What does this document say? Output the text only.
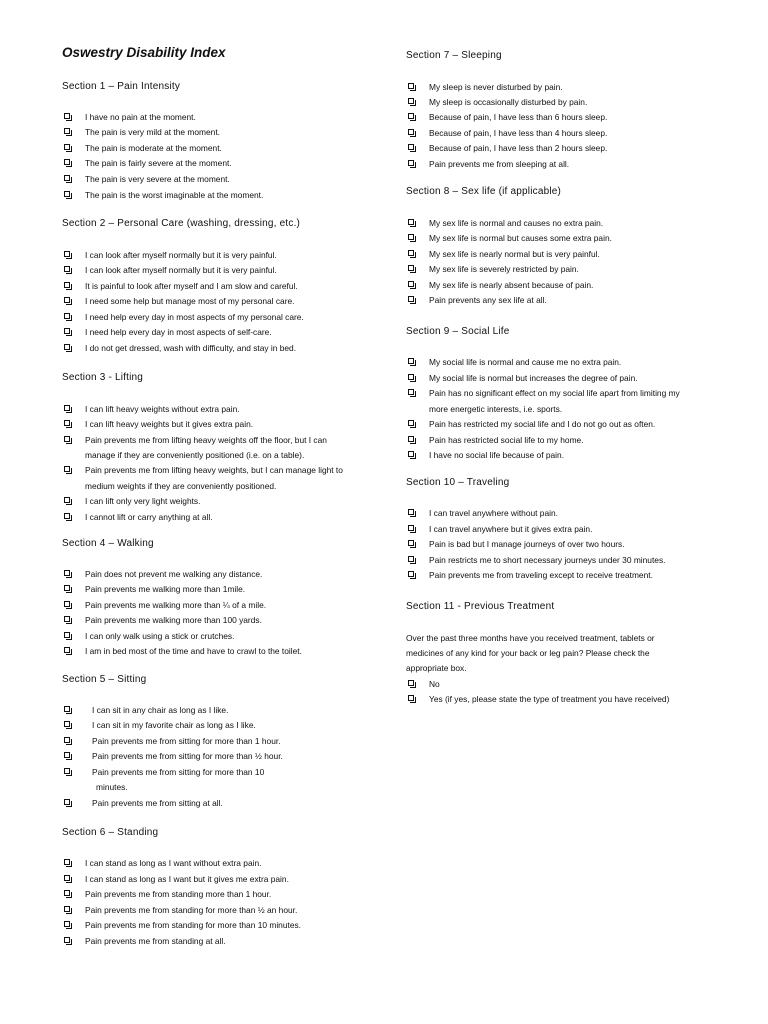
Oswestry Disability Index
Section 1 – Pain Intensity
I have no pain at the moment.
The pain is very mild at the moment.
The pain is moderate at the moment.
The pain is fairly severe at the moment.
The pain is very severe at the moment.
The pain is the worst imaginable at the moment.
Section 2 – Personal Care (washing, dressing, etc.)
I can look after myself normally but it is very painful.
I can look after myself normally but it is very painful.
It is painful to look after myself and I am slow and careful.
I need some help but manage most of my personal care.
I need help every day in most aspects of my personal care.
I need help every day in most aspects of self-care.
I do not get dressed, wash with difficulty, and stay in bed.
Section 3 - Lifting
I can lift heavy weights without extra pain.
I can lift heavy weights but it gives extra pain.
Pain prevents me from lifting heavy weights off the floor, but I can
manage if they are conveniently positioned (i.e. on a table).
Pain prevents me from lifting heavy weights, but I can manage light to
medium weights if they are conveniently positioned.
I can lift only very light weights.
I cannot lift or carry anything at all.
Section 4 – Walking
Pain does not prevent me walking any distance.
Pain prevents me walking more than 1mile.
Pain prevents me walking more than ¼ of a mile.
Pain prevents me walking more than 100 yards.
I can only walk using a stick or crutches.
I am in bed most of the time and have to crawl to the toilet.
Section 5 – Sitting
I can sit in any chair as long as I like.
I can sit in my favorite chair as long as I like.
Pain prevents me from sitting for more than 1 hour.
Pain prevents me from sitting for more than ½ hour.
Pain prevents me from sitting for more than 10
minutes.
Pain prevents me from sitting at all.
Section 6 – Standing
I can stand as long as I want without extra pain.
I can stand as long as I want but it gives me extra pain.
Pain prevents me from standing more than 1 hour.
Pain prevents me from standing for more than ½ an hour.
Pain prevents me from standing for more than 10 minutes.
Pain prevents me from standing at all.
Section 7 – Sleeping
My sleep is never disturbed by pain.
My sleep is occasionally disturbed by pain.
Because of pain, I have less than 6 hours sleep.
Because of pain, I have less than 4 hours sleep.
Because of pain, I have less than 2 hours sleep.
Pain prevents me from sleeping at all.
Section 8 – Sex life (if applicable)
My sex life is normal and causes no extra pain.
My sex life is normal but causes some extra pain.
My sex life is nearly normal but is very painful.
My sex life is severely restricted by pain.
My sex life is nearly absent because of pain.
Pain prevents any sex life at all.
Section 9 – Social Life
My social life is normal and cause me no extra pain.
My social life is normal but increases the degree of pain.
Pain has no significant effect on my social life apart from limiting my
more energetic interests, i.e. sports.
Pain has restricted my social life and I do not go out as often.
Pain has restricted social life to my home.
I have no social life because of pain.
Section 10 – Traveling
I can travel anywhere without pain.
I can travel anywhere but it gives extra pain.
Pain is bad but I manage journeys of over two hours.
Pain restricts me to short necessary journeys under 30 minutes.
Pain prevents me from traveling except to receive treatment.
Section 11 - Previous Treatment
Over the past three months have you received treatment, tablets or
medicines of any kind for your back or leg pain? Please check the
appropriate box.
No
Yes (if yes, please state the type of treatment you have received)
